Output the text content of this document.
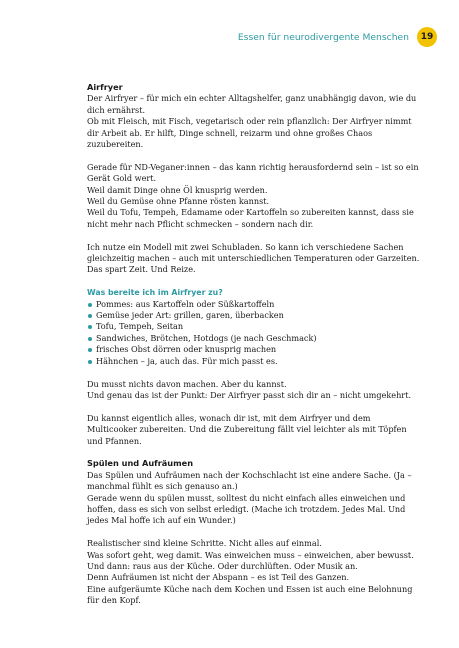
Essen für neurodivergente Menschen	19
Airfryer

Der Airfryer – für mich ein echter Alltagshelfer, ganz unabhängig davon, wie du dich ernährst.

Ob mit Fleisch, mit Fisch, vegetarisch oder rein pflanzlich: Der Airfryer nimmt dir Arbeit ab. Er hilft, Dinge schnell, reizarm und ohne großes Chaos zuzubereiten.

Gerade für ND-Veganer:innen – das kann richtig herausfordernd sein – ist so ein Gerät Gold wert.

Weil damit Dinge ohne Öl knusprig werden.

Weil du Gemüse ohne Pfanne rösten kannst.

Weil du Tofu, Tempeh, Edamame oder Kartoffeln so zubereiten kannst, dass sie nicht mehr nach Pflicht schmecken – sondern nach dir.

Ich nutze ein Modell mit zwei Schubladen. So kann ich verschiedene Sachen gleichzeitig machen – auch mit unterschiedlichen Temperaturen oder Garzeiten. Das spart Zeit. Und Reize.

Was bereite ich im Airfryer zu?
Pommes: aus Kartoffeln oder Süßkartoffeln
Gemüse jeder Art: grillen, garen, überbacken
Tofu, Tempeh, Seitan
Sandwiches, Brötchen, Hotdogs (je nach Geschmack)
frisches Obst dörren oder knusprig machen
Hähnchen – ja, auch das. Für mich passt es.

Du musst nichts davon machen. Aber du kannst.

Und genau das ist der Punkt: Der Airfryer passt sich dir an – nicht umgekehrt.

Du kannst eigentlich alles, wonach dir ist, mit dem Airfryer und dem Multicooker zubereiten. Und die Zubereitung fällt viel leichter als mit Töpfen und Pfannen.

Spülen und Aufräumen

Das Spülen und Aufräumen nach der Kochschlacht ist eine andere Sache. (Ja – manchmal fühlt es sich genauso an.)

Gerade wenn du spülen musst, solltest du nicht einfach alles einweichen und hoffen, dass es sich von selbst erledigt. (Mache ich trotzdem. Jedes Mal. Und jedes Mal hoffe ich auf ein Wunder.)

Realistischer sind kleine Schritte. Nicht alles auf einmal.

Was sofort geht, weg damit. Was einweichen muss – einweichen, aber bewusst.

Und dann: raus aus der Küche. Oder durchlüften. Oder Musik an.

Denn Aufräumen ist nicht der Abspann – es ist Teil des Ganzen.

Eine aufgeräumte Küche nach dem Kochen und Essen ist auch eine Belohnung für den Kopf.
